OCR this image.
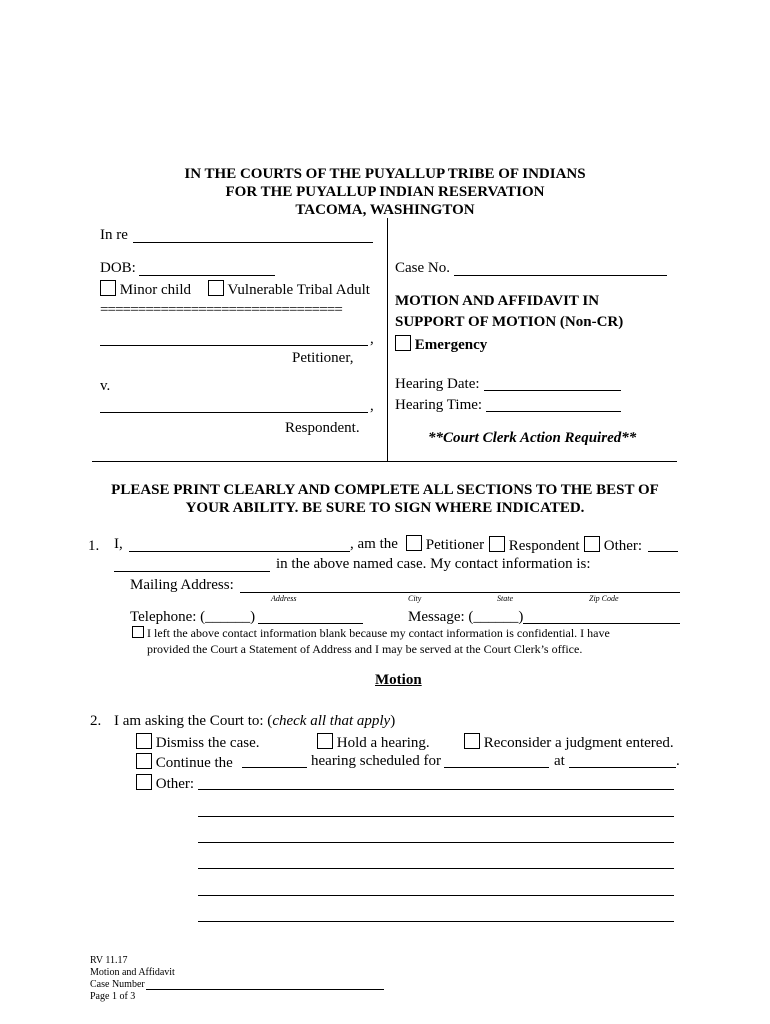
IN THE COURTS OF THE PUYALLUP TRIBE OF INDIANS
FOR THE PUYALLUP INDIAN RESERVATION
TACOMA, WASHINGTON
In re
DOB:
Minor child	Vulnerable Tribal Adult
================================
,
Petitioner,
v.
,
Respondent.
Case No.
MOTION AND AFFIDAVIT IN
SUPPORT OF MOTION (Non-CR)
Emergency
Hearing Date:
Hearing Time:
**Court Clerk Action Required**
PLEASE PRINT CLEARLY AND COMPLETE ALL SECTIONS TO THE BEST OF
YOUR ABILITY. BE SURE TO SIGN WHERE INDICATED.
1. I,	, am the	Petitioner	Respondent	Other:
in the above named case. My contact information is:
Mailing Address:
Address	City	State	Zip Code
Telephone: (______)	Message: (______)
I left the above contact information blank because my contact information is confidential. I have
provided the Court a Statement of Address and I may be served at the Court Clerk’s office.
Motion
2. I am asking the Court to: (check all that apply)
Dismiss the case.	Hold a hearing.	Reconsider a judgment entered.
Continue the	hearing scheduled for	at	.
Other:
RV 11.17
Motion and Affidavit
Case Number
Page 1 of 3
